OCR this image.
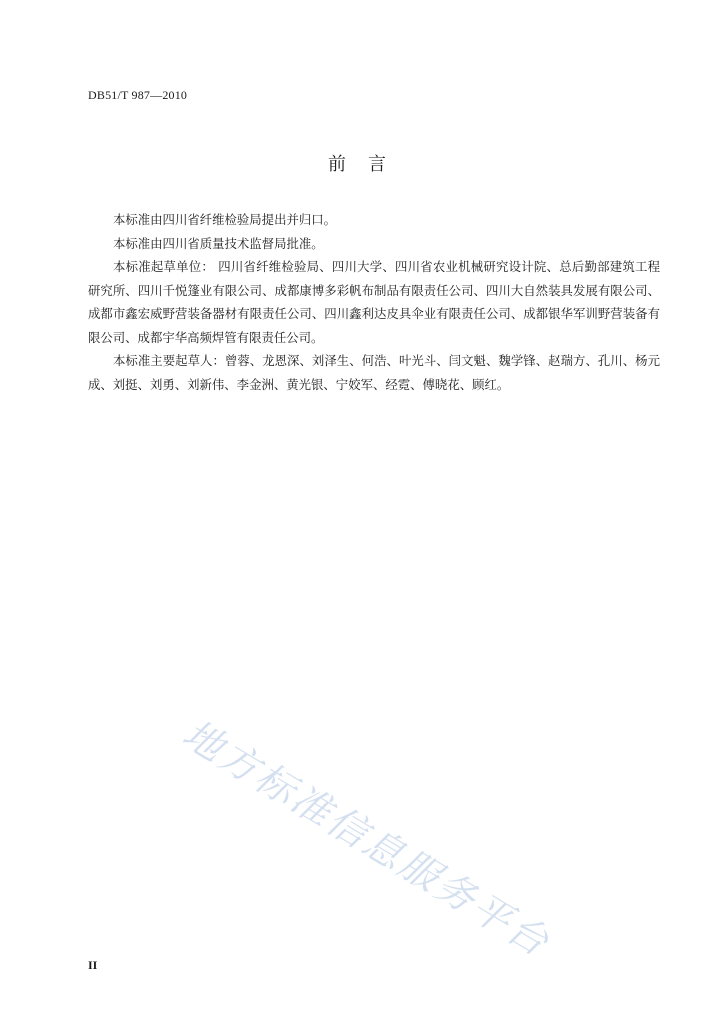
DB51/T 987—2010
前言

本标准由四川省纤维检验局提出并归口。

本标准由四川省质量技术监督局批准。

本标准起草单位： 四川省纤维检验局、四川大学、四川省农业机械研究设计院、总后勤部建筑工程研究所、四川千悦篷业有限公司、成都康博多彩帆布制品有限责任公司、四川大自然装具发展有限公司、成都市鑫宏威野营装备器材有限责任公司、四川鑫利达皮具伞业有限责任公司、成都银华军训野营装备有限公司、成都宇华高频焊管有限责任公司。

本标准主要起草人：曾蓉、龙恩深、刘泽生、何浩、叶光斗、闫文魁、魏学锋、赵瑞方、孔川、杨元成、刘挺、刘勇、刘新伟、李金洲、黄光银、宁姣军、经霓、傅晓花、顾红。

地方标准信息服务平台
II
